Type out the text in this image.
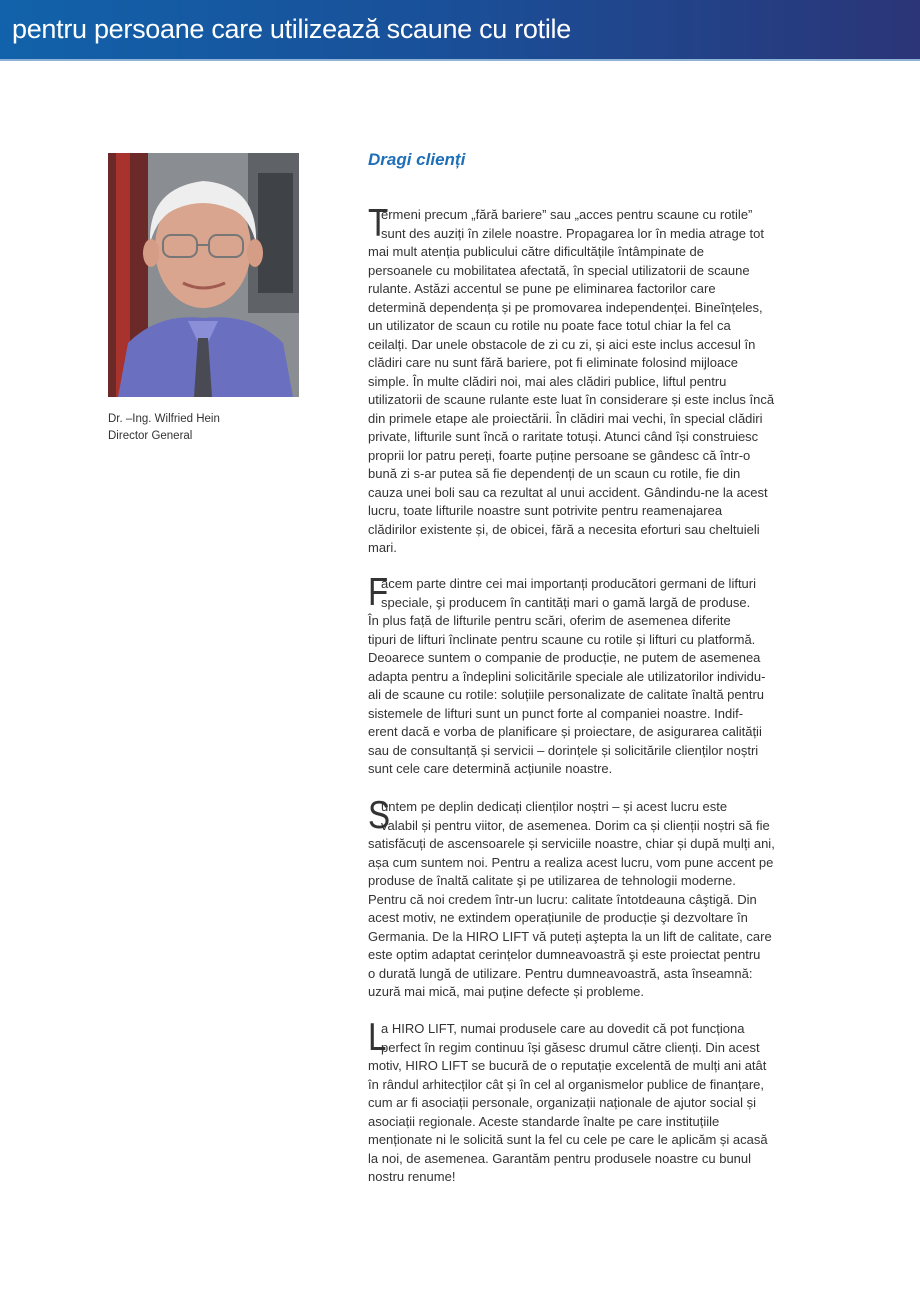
pentru persoane care utilizează scaune cu rotile
Dr. –Ing. Wilfried Hein
Director General
Dragi clienți
T
ermeni precum „fără bariere” sau „acces pentru scaune cu rotile”
sunt des auziți în zilele noastre. Propagarea lor în media atrage tot
mai mult atenția publicului către dificultățile întâmpinate de
persoanele cu mobilitatea afectată, în special utilizatorii de scaune
rulante. Astăzi accentul se pune pe eliminarea factorilor care
determină dependența și pe promovarea independenței. Bineînțeles,
un utilizator de scaun cu rotile nu poate face totul chiar la fel ca
ceilalți. Dar unele obstacole de zi cu zi, și aici este inclus accesul în
clădiri care nu sunt fără bariere, pot fi eliminate folosind mijloace
simple. În multe clădiri noi, mai ales clădiri publice, liftul pentru
utilizatorii de scaune rulante este luat în considerare și este inclus încă
din primele etape ale proiectării. În clădiri mai vechi, în special clădiri
private, lifturile sunt încă o raritate totuși. Atunci când își construiesc
proprii lor patru pereți, foarte puține persoane se gândesc că într-o
bună zi s-ar putea să fie dependenți de un scaun cu rotile, fie din
cauza unei boli sau ca rezultat al unui accident. Gândindu-ne la acest
lucru, toate lifturile noastre sunt potrivite pentru reamenajarea
clădirilor existente și, de obicei, fără a necesita eforturi sau cheltuieli
mari.
F
acem parte dintre cei mai importanți producători germani de lifturi
speciale, şi producem în cantități mari o gamă largă de produse.
În plus față de lifturile pentru scări, oferim de asemenea diferite
tipuri de lifturi înclinate pentru scaune cu rotile și lifturi cu platformă.
Deoarece suntem o companie de producție, ne putem de asemenea
adapta pentru a îndeplini solicitările speciale ale utilizatorilor individu-
ali de scaune cu rotile: soluțiile personalizate de calitate înaltă pentru
sistemele de lifturi sunt un punct forte al companiei noastre. Indif-
erent dacă e vorba de planificare și proiectare, de asigurarea calității
sau de consultanță și servicii – dorințele și solicitările clienților noștri
sunt cele care determină acțiunile noastre.
S
untem pe deplin dedicați clienților noștri – și acest lucru este
valabil și pentru viitor, de asemenea. Dorim ca și clienții noștri să fie
satisfăcuți de ascensoarele și serviciile noastre, chiar și după mulți ani,
așa cum suntem noi. Pentru a realiza acest lucru, vom pune accent pe
produse de înaltă calitate şi pe utilizarea de tehnologii moderne.
Pentru că noi credem într-un lucru: calitate întotdeauna câştigă. Din
acest motiv, ne extindem operațiunile de producție şi dezvoltare în
Germania. De la HIRO LIFT vă puteți aştepta la un lift de calitate, care
este optim adaptat cerințelor dumneavoastră şi este proiectat pentru
o durată lungă de utilizare. Pentru dumneavoastră, asta înseamnă:
uzură mai mică, mai puține defecte și probleme.
L
a HIRO LIFT, numai produsele care au dovedit că pot funcționa
perfect în regim continuu își găsesc drumul către clienți. Din acest
motiv, HIRO LIFT se bucură de o reputație excelentă de mulți ani atât
în rândul arhitecților cât și în cel al organismelor publice de finanțare,
cum ar fi asociații personale, organizații naționale de ajutor social și
asociații regionale. Aceste standarde înalte pe care instituțiile
menționate ni le solicită sunt la fel cu cele pe care le aplicăm și acasă
la noi, de asemenea. Garantăm pentru produsele noastre cu bunul
nostru renume!
